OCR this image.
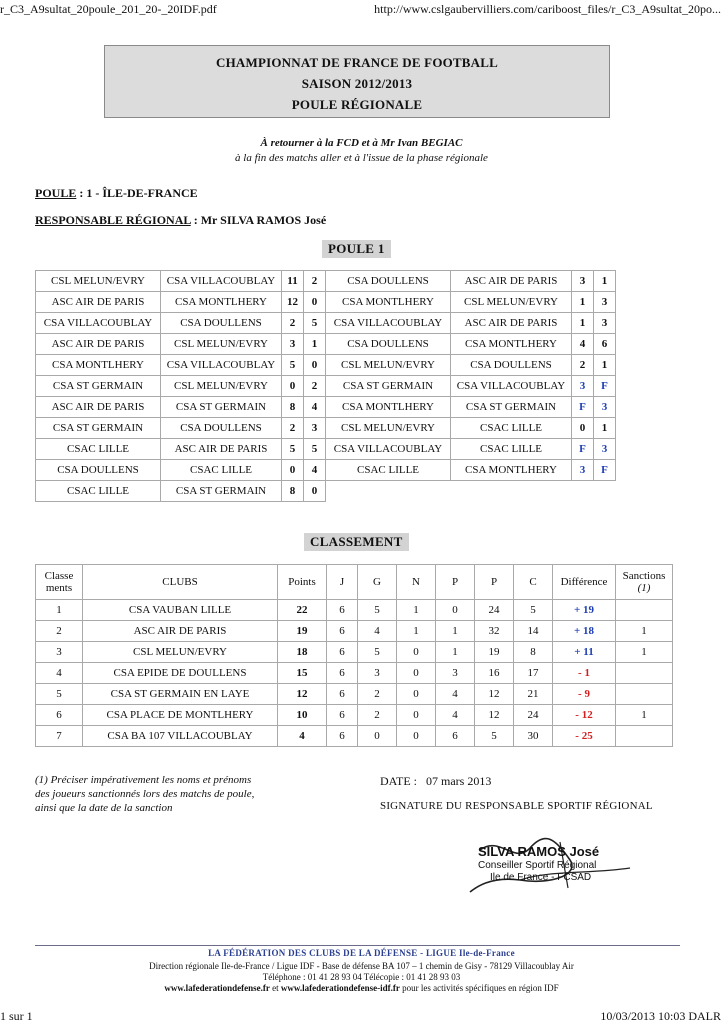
r_C3_A9sultat_20poule_201_20-_20IDF.pdf	http://www.cslgaubervilliers.com/cariboost_files/r_C3_A9sultat_20po...
1 sur 1	10/03/2013 10:03 DALR
CHAMPIONNAT DE FRANCE DE FOOTBALL
SAISON 2012/2013
POULE RÉGIONALE
À retourner à la FCD et à Mr Ivan BEGIAC
à la fin des matchs aller et à l'issue de la phase régionale
POULE : 1 - ÎLE-DE-FRANCE
RESPONSABLE RÉGIONAL : Mr SILVA RAMOS José
POULE 1
CSL MELUN/EVRY	CSA VILLACOUBLAY	11	2	CSA DOULLENS	ASC AIR DE PARIS	3	1
ASC AIR DE PARIS	CSA MONTLHERY	12	0	CSA MONTLHERY	CSL MELUN/EVRY	1	3
CSA VILLACOUBLAY	CSA DOULLENS	2	5	CSA VILLACOUBLAY	ASC AIR DE PARIS	1	3
ASC AIR DE PARIS	CSL MELUN/EVRY	3	1	CSA DOULLENS	CSA MONTLHERY	4	6
CSA MONTLHERY	CSA VILLACOUBLAY	5	0	CSL MELUN/EVRY	CSA DOULLENS	2	1
CSA ST GERMAIN	CSL MELUN/EVRY	0	2	CSA ST GERMAIN	CSA VILLACOUBLAY	3	F
ASC AIR DE PARIS	CSA ST GERMAIN	8	4	CSA MONTLHERY	CSA ST GERMAIN	F	3
CSA ST GERMAIN	CSA DOULLENS	2	3	CSL MELUN/EVRY	CSAC LILLE	0	1
CSAC LILLE	ASC AIR DE PARIS	5	5	CSA VILLACOUBLAY	CSAC LILLE	F	3
CSA DOULLENS	CSAC LILLE	0	4	CSAC LILLE	CSA MONTLHERY	3	F
CSAC LILLE	CSA ST GERMAIN	8	0				
CLASSEMENT
Classe ments	CLUBS	Points	J	G	N	P	P	C	Différence	Sanctions
(1)

1	CSA VAUBAN LILLE	22	6	5	1	0	24	5	+ 19	
2	ASC AIR DE PARIS	19	6	4	1	1	32	14	+ 18	1
3	CSL MELUN/EVRY	18	6	5	0	1	19	8	+ 11	1
4	CSA EPIDE DE DOULLENS	15	6	3	0	3	16	17	- 1	
5	CSA ST GERMAIN EN LAYE	12	6	2	0	4	12	21	- 9	
6	CSA PLACE DE MONTLHERY	10	6	2	0	4	12	24	- 12	1
7	CSA BA 107 VILLACOUBLAY	4	6	0	0	6	5	30	- 25	
(1) Préciser impérativement les noms et prénoms
des joueurs sanctionnés lors des matchs de poule,
ainsi que la date de la sanction
DATE : 07 mars 2013
SIGNATURE DU RESPONSABLE SPORTIF RÉGIONAL
SILVA RAMOS José
Conseiller Sportif Régional
Ile de France - FCSAD
LA FÉDÉRATION DES CLUBS DE LA DÉFENSE - LIGUE Ile-de-France
Direction régionale Ile-de-France / Ligue IDF - Base de défense BA 107 – 1 chemin de Gisy - 78129 Villacoublay Air
Téléphone : 01 41 28 93 04 Télécopie : 01 41 28 93 03
www.lafederationdefense.fr et www.lafederationdefense-idf.fr pour les activités spécifiques en région IDF
